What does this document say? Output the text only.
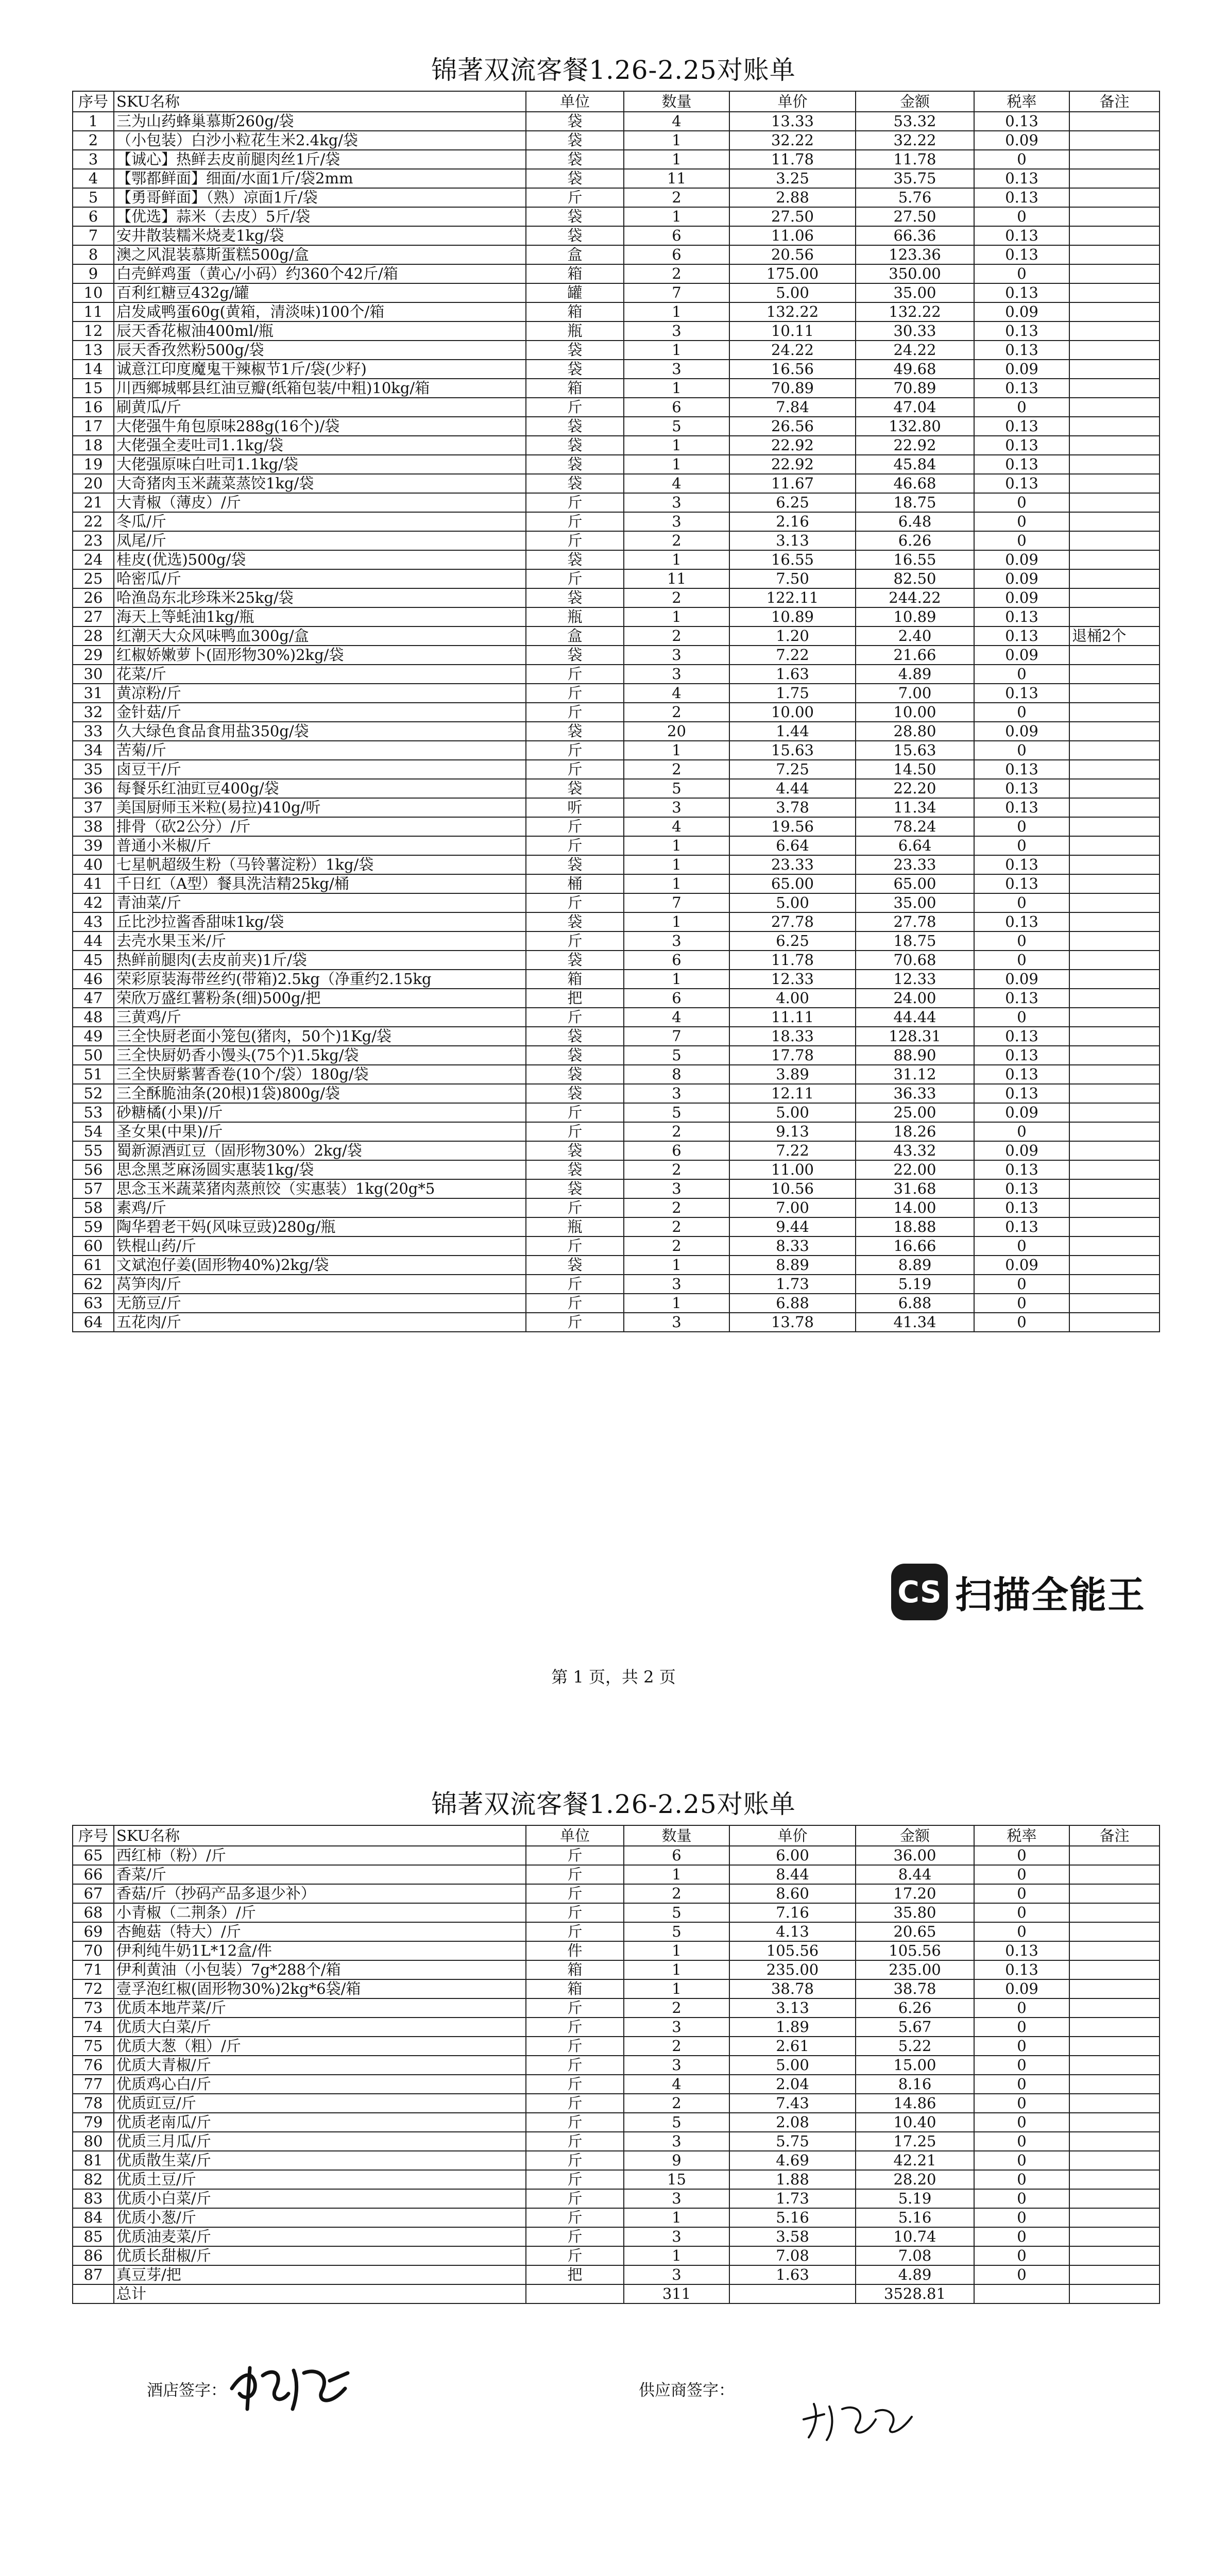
锦著双流客餐1.26-2.25对账单
序号	SKU名称	单位	数量	单价	金额	税率	备注
1	三为山药蜂巢慕斯260g/袋	袋	4	13.33	53.32	0.13	
2	（小包装）白沙小粒花生米2.4kg/袋	袋	1	32.22	32.22	0.09	
3	【诚心】热鲜去皮前腿肉丝1斤/袋	袋	1	11.78	11.78	0	
4	【鄂都鲜面】细面/水面1斤/袋2mm	袋	11	3.25	35.75	0.13	
5	【勇哥鲜面】（熟）凉面1斤/袋	斤	2	2.88	5.76	0.13	
6	【优选】蒜米（去皮）5斤/袋	袋	1	27.50	27.50	0	
7	安井散装糯米烧麦1kg/袋	袋	6	11.06	66.36	0.13	
8	澳之风混装慕斯蛋糕500g/盒	盒	6	20.56	123.36	0.13	
9	白壳鲜鸡蛋（黄心/小码）约360个42斤/箱	箱	2	175.00	350.00	0	
10	百利红糖豆432g/罐	罐	7	5.00	35.00	0.13	
11	启发咸鸭蛋60g(黄箱，清淡味)100个/箱	箱	1	132.22	132.22	0.09	
12	辰天香花椒油400ml/瓶	瓶	3	10.11	30.33	0.13	
13	辰天香孜然粉500g/袋	袋	1	24.22	24.22	0.13	
14	诚意江印度魔鬼干辣椒节1斤/袋(少籽)	袋	3	16.56	49.68	0.09	
15	川西鄉城郫县红油豆瓣(纸箱包装/中粗)10kg/箱	箱	1	70.89	70.89	0.13	
16	刷黄瓜/斤	斤	6	7.84	47.04	0	
17	大佬强牛角包原味288g(16个)/袋	袋	5	26.56	132.80	0.13	
18	大佬强全麦吐司1.1kg/袋	袋	1	22.92	22.92	0.13	
19	大佬强原味白吐司1.1kg/袋	袋	1	22.92	45.84	0.13	
20	大奇猪肉玉米蔬菜蒸饺1kg/袋	袋	4	11.67	46.68	0.13	
21	大青椒（薄皮）/斤	斤	3	6.25	18.75	0	
22	冬瓜/斤	斤	3	2.16	6.48	0	
23	凤尾/斤	斤	2	3.13	6.26	0	
24	桂皮(优选)500g/袋	袋	1	16.55	16.55	0.09	
25	哈密瓜/斤	斤	11	7.50	82.50	0.09	
26	哈渔岛东北珍珠米25kg/袋	袋	2	122.11	244.22	0.09	
27	海天上等蚝油1kg/瓶	瓶	1	10.89	10.89	0.13	
28	红潮天大众风味鸭血300g/盒	盒	2	1.20	2.40	0.13	退桶2个
29	红椒娇嫩萝卜(固形物30%)2kg/袋	袋	3	7.22	21.66	0.09	
30	花菜/斤	斤	3	1.63	4.89	0	
31	黄凉粉/斤	斤	4	1.75	7.00	0.13	
32	金针菇/斤	斤	2	10.00	10.00	0	
33	久大绿色食品食用盐350g/袋	袋	20	1.44	28.80	0.09	
34	苦菊/斤	斤	1	15.63	15.63	0	
35	卤豆干/斤	斤	2	7.25	14.50	0.13	
36	每餐乐红油豇豆400g/袋	袋	5	4.44	22.20	0.13	
37	美国厨师玉米粒(易拉)410g/听	听	3	3.78	11.34	0.13	
38	排骨（砍2公分）/斤	斤	4	19.56	78.24	0	
39	普通小米椒/斤	斤	1	6.64	6.64	0	
40	七星帆超级生粉（马铃薯淀粉）1kg/袋	袋	1	23.33	23.33	0.13	
41	千日红（A型）餐具洗洁精25kg/桶	桶	1	65.00	65.00	0.13	
42	青油菜/斤	斤	7	5.00	35.00	0	
43	丘比沙拉酱香甜味1kg/袋	袋	1	27.78	27.78	0.13	
44	去壳水果玉米/斤	斤	3	6.25	18.75	0	
45	热鲜前腿肉(去皮前夹)1斤/袋	袋	6	11.78	70.68	0	
46	荣彩原装海带丝约(带箱)2.5kg（净重约2.15kg	箱	1	12.33	12.33	0.09	
47	荣欣万盛红薯粉条(细)500g/把	把	6	4.00	24.00	0.13	
48	三黄鸡/斤	斤	4	11.11	44.44	0	
49	三全快厨老面小笼包(猪肉，50个)1Kg/袋	袋	7	18.33	128.31	0.13	
50	三全快厨奶香小馒头(75个)1.5kg/袋	袋	5	17.78	88.90	0.13	
51	三全快厨紫薯香卷(10个/袋）180g/袋	袋	8	3.89	31.12	0.13	
52	三全酥脆油条(20根)1袋)800g/袋	袋	3	12.11	36.33	0.13	
53	砂糖橘(小果)/斤	斤	5	5.00	25.00	0.09	
54	圣女果(中果)/斤	斤	2	9.13	18.26	0	
55	蜀新源酒豇豆（固形物30%）2kg/袋	袋	6	7.22	43.32	0.09	
56	思念黑芝麻汤圆实惠装1kg/袋	袋	2	11.00	22.00	0.13	
57	思念玉米蔬菜猪肉蒸煎饺（实惠装）1kg(20g*5	袋	3	10.56	31.68	0.13	
58	素鸡/斤	斤	2	7.00	14.00	0.13	
59	陶华碧老干妈(风味豆豉)280g/瓶	瓶	2	9.44	18.88	0.13	
60	铁棍山药/斤	斤	2	8.33	16.66	0	
61	文斌泡仔姜(固形物40%)2kg/袋	袋	1	8.89	8.89	0.09	
62	莴笋肉/斤	斤	3	1.73	5.19	0	
63	无筋豆/斤	斤	1	6.88	6.88	0	
64	五花肉/斤	斤	3	13.78	41.34	0	
CS 扫描全能王
第 1 页，共 2 页
锦著双流客餐1.26-2.25对账单
序号	SKU名称	单位	数量	单价	金额	税率	备注
65	西红柿（粉）/斤	斤	6	6.00	36.00	0	
66	香菜/斤	斤	1	8.44	8.44	0	
67	香菇/斤（抄码产品多退少补）	斤	2	8.60	17.20	0	
68	小青椒（二荆条）/斤	斤	5	7.16	35.80	0	
69	杏鲍菇（特大）/斤	斤	5	4.13	20.65	0	
70	伊利纯牛奶1L*12盒/件	件	1	105.56	105.56	0.13	
71	伊利黄油（小包装）7g*288个/箱	箱	1	235.00	235.00	0.13	
72	壹孚泡红椒(固形物30%)2kg*6袋/箱	箱	1	38.78	38.78	0.09	
73	优质本地芹菜/斤	斤	2	3.13	6.26	0	
74	优质大白菜/斤	斤	3	1.89	5.67	0	
75	优质大葱（粗）/斤	斤	2	2.61	5.22	0	
76	优质大青椒/斤	斤	3	5.00	15.00	0	
77	优质鸡心白/斤	斤	4	2.04	8.16	0	
78	优质豇豆/斤	斤	2	7.43	14.86	0	
79	优质老南瓜/斤	斤	5	2.08	10.40	0	
80	优质三月瓜/斤	斤	3	5.75	17.25	0	
81	优质散生菜/斤	斤	9	4.69	42.21	0	
82	优质土豆/斤	斤	15	1.88	28.20	0	
83	优质小白菜/斤	斤	3	1.73	5.19	0	
84	优质小葱/斤	斤	1	5.16	5.16	0	
85	优质油麦菜/斤	斤	3	3.58	10.74	0	
86	优质长甜椒/斤	斤	1	7.08	7.08	0	
87	真豆芽/把	把	3	1.63	4.89	0	
	总计		311		3528.81		
酒店签字：	供应商签字：
